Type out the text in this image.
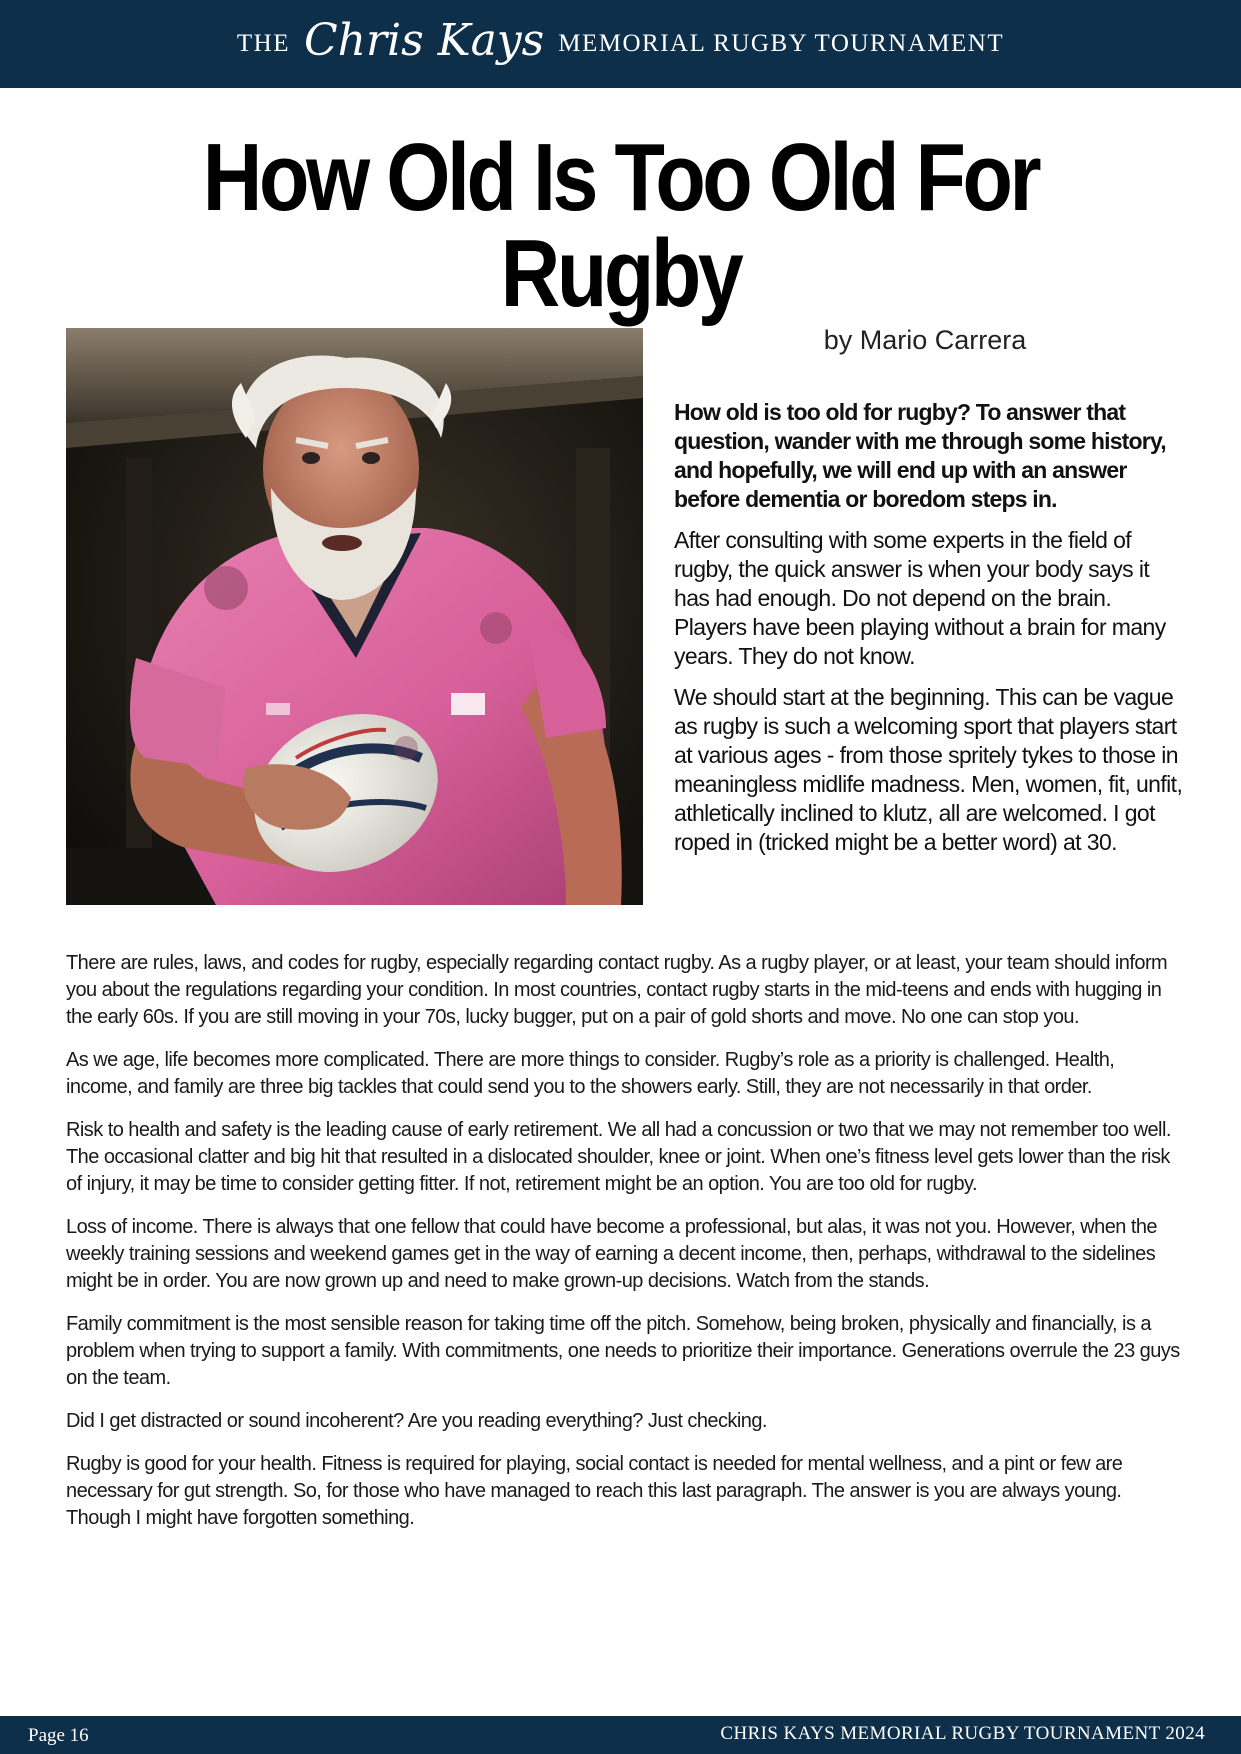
THE Chris Kays MEMORIAL RUGBY TOURNAMENT
How Old Is Too Old For Rugby
by Mario Carrera

How old is too old for rugby? To answer that question, wander with me through some history, and hopefully, we will end up with an answer before dementia or boredom steps in.

After consulting with some experts in the field of rugby, the quick answer is when your body says it has had enough. Do not depend on the brain. Players have been playing without a brain for many years. They do not know.

We should start at the beginning. This can be vague as rugby is such a welcoming sport that players start at various ages - from those spritely tykes to those in meaningless midlife madness. Men, women, fit, unfit, athletically inclined to klutz, all are welcomed. I got roped in (tricked might be a better word) at 30.

There are rules, laws, and codes for rugby, especially regarding contact rugby. As a rugby player, or at least, your team should inform you about the regulations regarding your condition. In most countries, contact rugby starts in the mid-teens and ends with hugging in the early 60s. If you are still moving in your 70s, lucky bugger, put on a pair of gold shorts and move. No one can stop you.

As we age, life becomes more complicated. There are more things to consider. Rugby’s role as a priority is challenged. Health, income, and family are three big tackles that could send you to the showers early. Still, they are not necessarily in that order.

Risk to health and safety is the leading cause of early retirement. We all had a concussion or two that we may not remember too well. The occasional clatter and big hit that resulted in a dislocated shoulder, knee or joint. When one’s fitness level gets lower than the risk of injury, it may be time to consider getting fitter. If not, retirement might be an option. You are too old for rugby.

Loss of income. There is always that one fellow that could have become a professional, but alas, it was not you. However, when the weekly training sessions and weekend games get in the way of earning a decent income, then, perhaps, withdrawal to the sidelines might be in order. You are now grown up and need to make grown-up decisions. Watch from the stands.

Family commitment is the most sensible reason for taking time off the pitch. Somehow, being broken, physically and financially, is a problem when trying to support a family. With commitments, one needs to prioritize their importance. Generations overrule the 23 guys on the team.

Did I get distracted or sound incoherent? Are you reading everything? Just checking.

Rugby is good for your health. Fitness is required for playing, social contact is needed for mental wellness, and a pint or few are necessary for gut strength. So, for those who have managed to reach this last paragraph. The answer is you are always young. Though I might have forgotten something.

Page 16	CHRIS KAYS MEMORIAL RUGBY TOURNAMENT 2024
